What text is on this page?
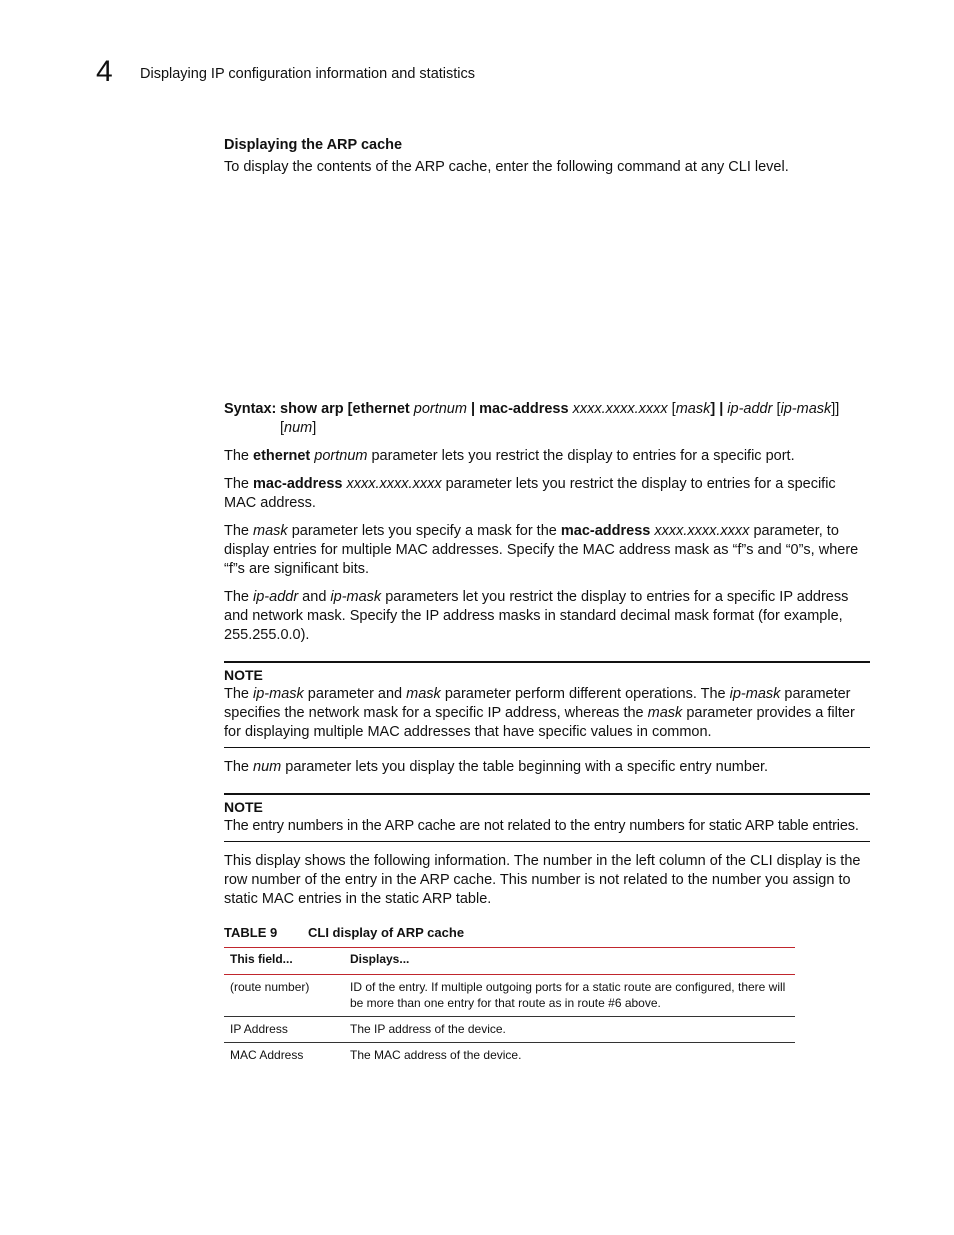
4 Displaying IP configuration information and statistics

Displaying the ARP cache

To display the contents of the ARP cache, enter the following command at any CLI level.

Syntax: show arp [ethernet portnum | mac-address xxxx.xxxx.xxxx [mask] | ip-addr [ip-mask]]
[num]

The ethernet portnum parameter lets you restrict the display to entries for a specific port.

The mac-address xxxx.xxxx.xxxx parameter lets you restrict the display to entries for a specific MAC address.

The mask parameter lets you specify a mask for the mac-address xxxx.xxxx.xxxx parameter, to display entries for multiple MAC addresses. Specify the MAC address mask as “f”s and “0”s, where “f”s are significant bits.

The ip-addr and ip-mask parameters let you restrict the display to entries for a specific IP address and network mask. Specify the IP address masks in standard decimal mask format (for example, 255.255.0.0).

NOTE

The ip-mask parameter and mask parameter perform different operations. The ip-mask parameter specifies the network mask for a specific IP address, whereas the mask parameter provides a filter for displaying multiple MAC addresses that have specific values in common.

The num parameter lets you display the table beginning with a specific entry number.

NOTE

The entry numbers in the ARP cache are not related to the entry numbers for static ARP table entries.

This display shows the following information. The number in the left column of the CLI display is the row number of the entry in the ARP cache. This number is not related to the number you assign to static MAC entries in the static ARP table.

TABLE 9	CLI display of ARP cache
This field...	Displays...
(route number)	ID of the entry. If multiple outgoing ports for a static route are configured, there will be more than one entry for that route as in route #6 above.
IP Address	The IP address of the device.
MAC Address	The MAC address of the device.
